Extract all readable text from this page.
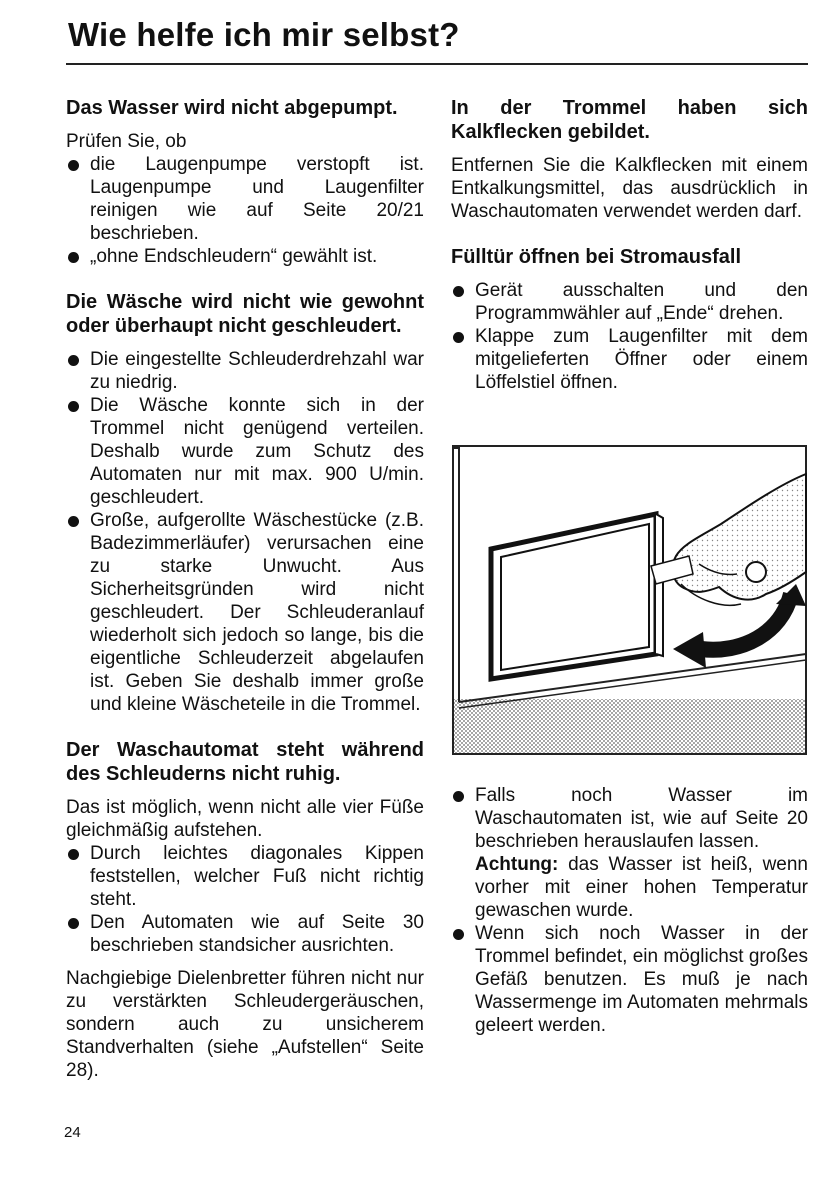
Wie helfe ich mir selbst?
Das Wasser wird nicht abgepumpt.

Prüfen Sie, ob

die Laugenpumpe verstopft ist. Laugenpumpe und Laugenfilter reinigen wie auf Seite 20/21 beschrieben.
„ohne Endschleudern“ gewählt ist.
Die Wäsche wird nicht wie gewohnt oder überhaupt nicht geschleudert.
Die eingestellte Schleuderdrehzahl war zu niedrig.
Die Wäsche konnte sich in der Trommel nicht genügend verteilen. Deshalb wurde zum Schutz des Automaten nur mit max. 900 U/min. geschleudert.
Große, aufgerollte Wäschestücke (z.B. Badezimmerläufer) verursachen eine zu starke Unwucht. Aus Sicherheitsgründen wird nicht geschleudert. Der Schleuderanlauf wiederholt sich jedoch so lange, bis die eigentliche Schleuderzeit abgelaufen ist. Geben Sie deshalb immer große und kleine Wäscheteile in die Trommel.
Der Waschautomat steht während des Schleuderns nicht ruhig.

Das ist möglich, wenn nicht alle vier Füße gleichmäßig aufstehen.

Durch leichtes diagonales Kippen feststellen, welcher Fuß nicht richtig steht.
Den Automaten wie auf Seite 30 beschrieben standsicher ausrichten.

Nachgiebige Dielenbretter führen nicht nur zu verstärkten Schleudergeräuschen, sondern auch zu unsicherem Standverhalten (siehe „Aufstellen“ Seite 28).

In der Trommel haben sich Kalkflecken gebildet.

Entfernen Sie die Kalkflecken mit einem Entkalkungsmittel, das ausdrücklich in Waschautomaten verwendet werden darf.

Fülltür öffnen bei Stromausfall
Gerät ausschalten und den Programmwähler auf „Ende“ drehen.
Klappe zum Laugenfilter mit dem mitgelieferten Öffner oder einem Löffelstiel öffnen.
Falls noch Wasser im Waschautomaten ist, wie auf Seite 20 beschrieben herauslaufen lassen.
Achtung: das Wasser ist heiß, wenn vorher mit einer hohen Temperatur gewaschen wurde.
Wenn sich noch Wasser in der Trommel befindet, ein möglichst großes Gefäß benutzen. Es muß je nach Wassermenge im Automaten mehrmals geleert werden.
24
